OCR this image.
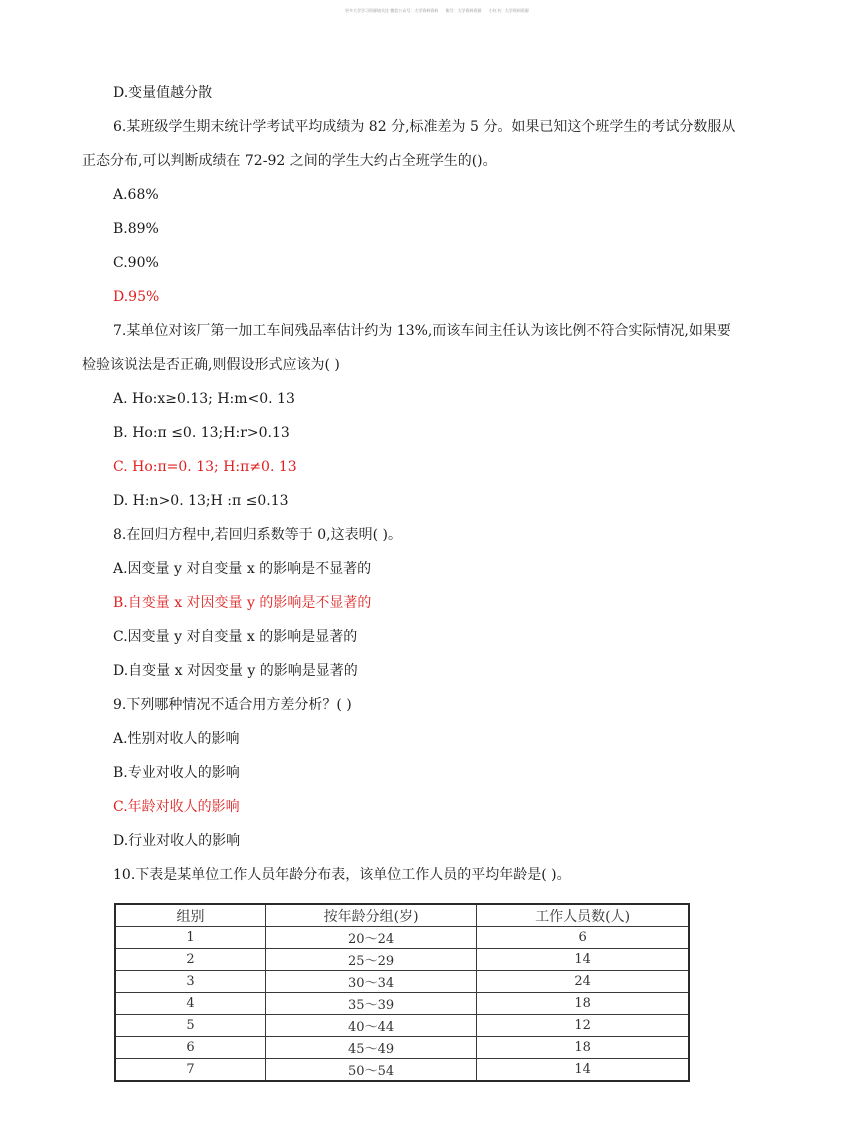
更多大学学习资源请关注 微信公众号：大学资料资料 账号：大学资料资源 小红书：大学资料资源
D.变量值越分散
6.某班级学生期末统计学考试平均成绩为 82 分,标准差为 5 分。如果已知这个班学生的考试分数服从
正态分布,可以判断成绩在 72-92 之间的学生大约占全班学生的()。
A.68%
B.89%
C.90%
D.95%
7.某单位对该厂第一加工车间残品率估计约为 13%,而该车间主任认为该比例不符合实际情况,如果要
检验该说法是否正确,则假设形式应该为( )
A. Ho:x≥0.13; H:m<0. 13
B. Ho:π ≤0. 13;H:r>0.13
C. Ho:π=0. 13; H:π≠0. 13
D. H:n>0. 13;H :π ≤0.13
8.在回归方程中,若回归系数等于 0,这表明( )。
A.因变量 y 对自变量 x 的影响是不显著的
B.自变量 x 对因变量 y 的影响是不显著的
C.因变量 y 对自变量 x 的影响是显著的
D.自变量 x 对因变量 y 的影响是显著的
9.下列哪种情况不适合用方差分析？( )
A.性别对收人的影响
B.专业对收人的影响
C.年龄对收人的影响
D.行业对收人的影响
10.下表是某单位工作人员年龄分布表，该单位工作人员的平均年龄是( )。
组别	按年龄分组(岁)	工作人员数(人)
1	20～24	6
2	25～29	14
3	30～34	24
4	35～39	18
5	40～44	12
6	45～49	18
7	50～54	14
